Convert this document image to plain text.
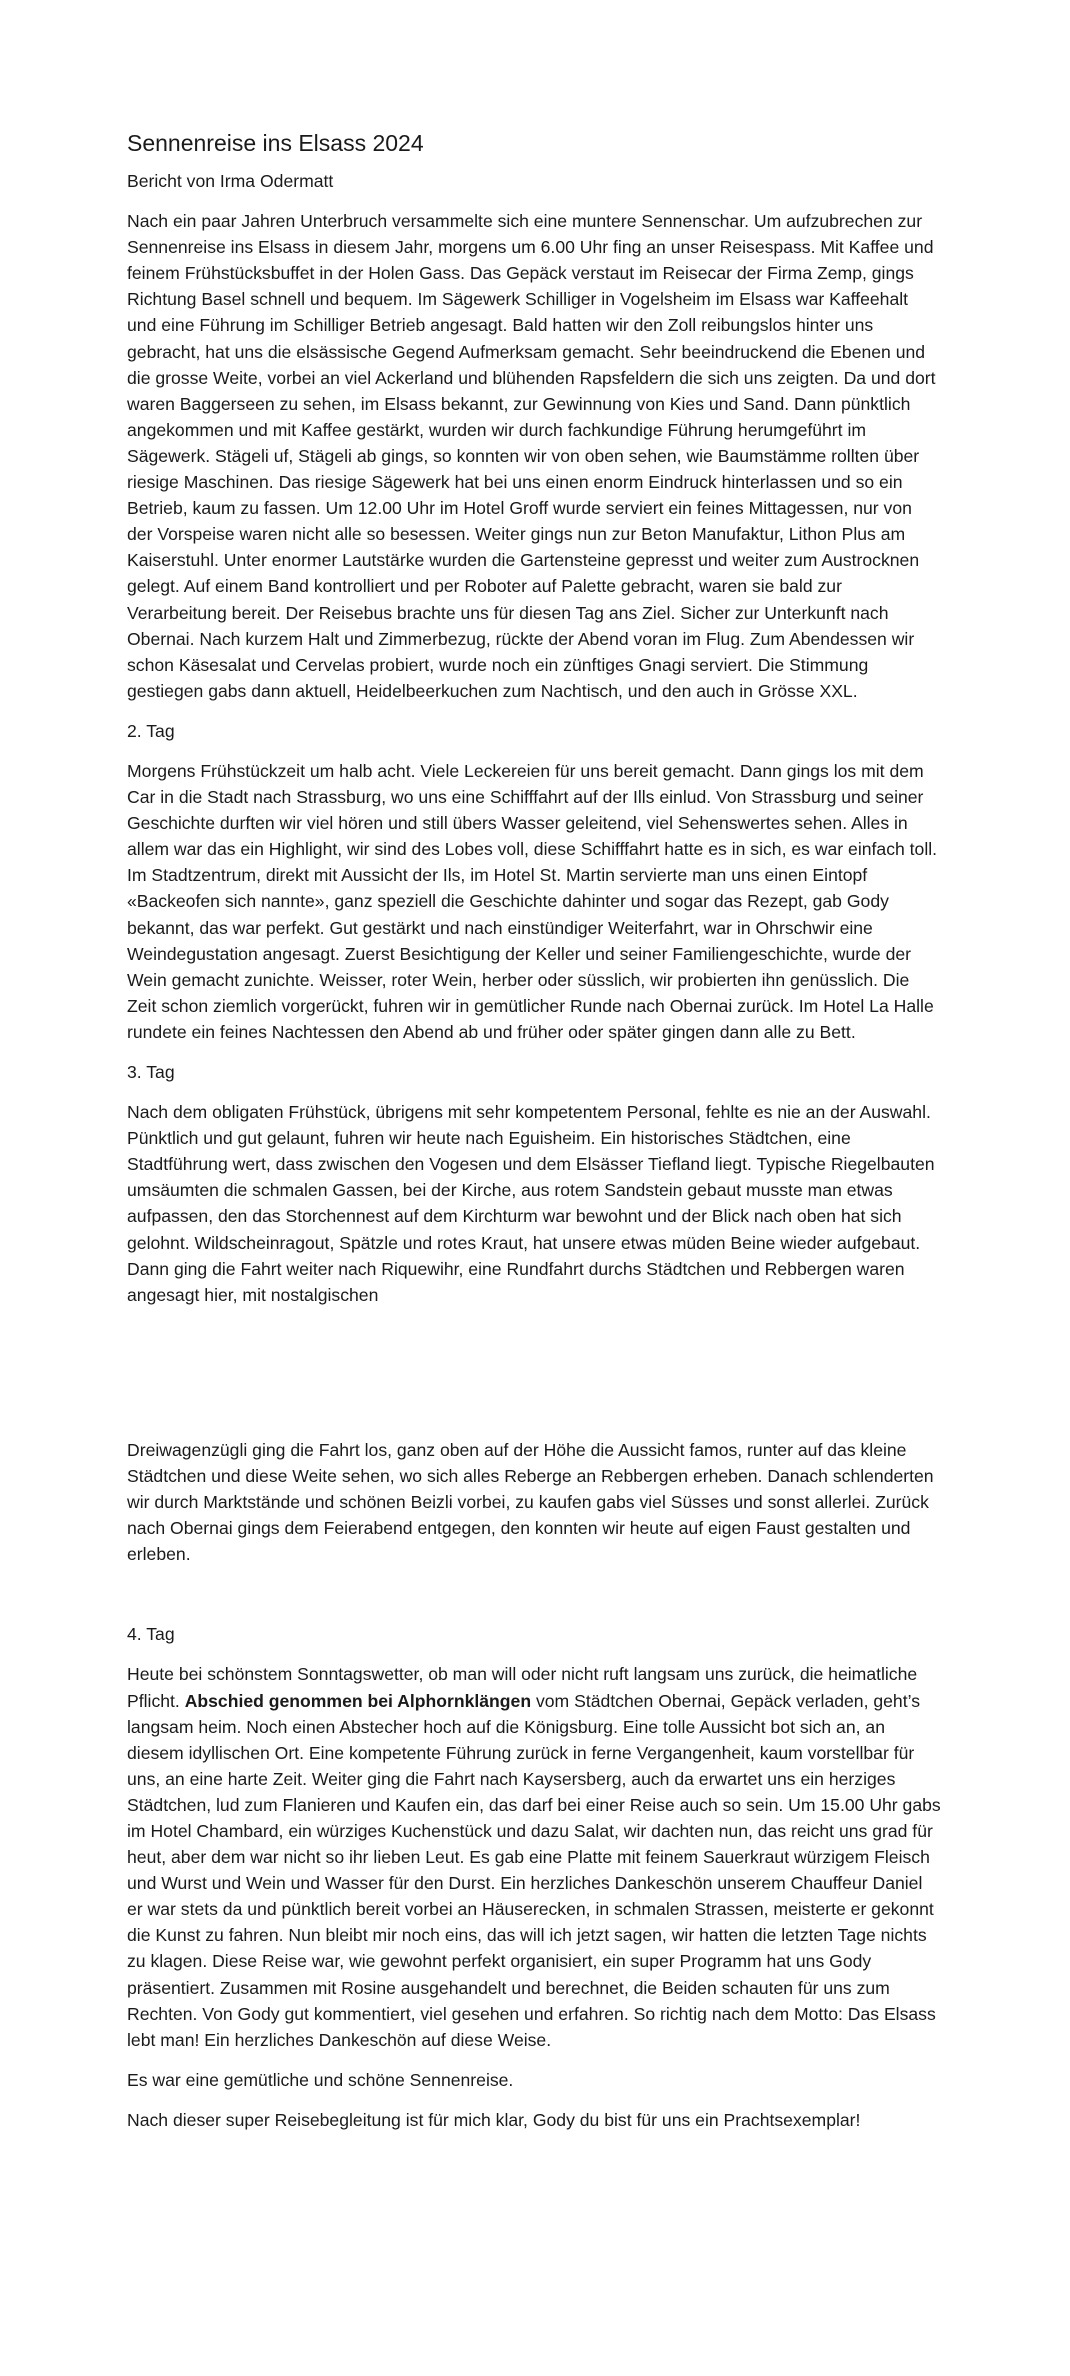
Sennenreise ins Elsass 2024

Bericht von Irma Odermatt

Nach ein paar Jahren Unterbruch versammelte sich eine muntere Sennenschar. Um aufzubrechen zur Sennenreise ins Elsass in diesem Jahr, morgens um 6.00 Uhr fing an unser Reisespass. Mit Kaffee und feinem Frühstücksbuffet in der Holen Gass. Das Gepäck verstaut im Reisecar der Firma Zemp, gings Richtung Basel schnell und bequem. Im Sägewerk Schilliger in Vogelsheim im Elsass war Kaffeehalt und eine Führung im Schilliger Betrieb angesagt. Bald hatten wir den Zoll reibungslos hinter uns gebracht, hat uns die elsässische Gegend Aufmerksam gemacht. Sehr beeindruckend die Ebenen und die grosse Weite, vorbei an viel Ackerland und blühenden Rapsfeldern die sich uns zeigten. Da und dort waren Baggerseen zu sehen, im Elsass bekannt, zur Gewinnung von Kies und Sand. Dann pünktlich angekommen und mit Kaffee gestärkt, wurden wir durch fachkundige Führung herumgeführt im Sägewerk. Stägeli uf, Stägeli ab gings, so konnten wir von oben sehen, wie Baumstämme rollten über riesige Maschinen. Das riesige Sägewerk hat bei uns einen enorm Eindruck hinterlassen und so ein Betrieb, kaum zu fassen. Um 12.00 Uhr im Hotel Groff wurde serviert ein feines Mittagessen, nur von der Vorspeise waren nicht alle so besessen. Weiter gings nun zur Beton Manufaktur, Lithon Plus am Kaiserstuhl. Unter enormer Lautstärke wurden die Gartensteine gepresst und weiter zum Austrocknen gelegt. Auf einem Band kontrolliert und per Roboter auf Palette gebracht, waren sie bald zur Verarbeitung bereit. Der Reisebus brachte uns für diesen Tag ans Ziel. Sicher zur Unterkunft nach Obernai. Nach kurzem Halt und Zimmerbezug, rückte der Abend voran im Flug. Zum Abendessen wir schon Käsesalat und Cervelas probiert, wurde noch ein zünftiges Gnagi serviert. Die Stimmung gestiegen gabs dann aktuell, Heidelbeerkuchen zum Nachtisch, und den auch in Grösse XXL.

2. Tag

Morgens Frühstückzeit um halb acht. Viele Leckereien für uns bereit gemacht. Dann gings los mit dem Car in die Stadt nach Strassburg, wo uns eine Schifffahrt auf der Ills einlud. Von Strassburg und seiner Geschichte durften wir viel hören und still übers Wasser geleitend, viel Sehenswertes sehen. Alles in allem war das ein Highlight, wir sind des Lobes voll, diese Schifffahrt hatte es in sich, es war einfach toll. Im Stadtzentrum, direkt mit Aussicht der Ils, im Hotel St. Martin servierte man uns einen Eintopf «Backeofen sich nannte», ganz speziell die Geschichte dahinter und sogar das Rezept, gab Gody bekannt, das war perfekt. Gut gestärkt und nach einstündiger Weiterfahrt, war in Ohrschwir eine Weindegustation angesagt. Zuerst Besichtigung der Keller und seiner Familiengeschichte, wurde der Wein gemacht zunichte. Weisser, roter Wein, herber oder süsslich, wir probierten ihn genüsslich. Die Zeit schon ziemlich vorgerückt, fuhren wir in gemütlicher Runde nach Obernai zurück. Im Hotel La Halle rundete ein feines Nachtessen den Abend ab und früher oder später gingen dann alle zu Bett.

3. Tag

Nach dem obligaten Frühstück, übrigens mit sehr kompetentem Personal, fehlte es nie an der Auswahl. Pünktlich und gut gelaunt, fuhren wir heute nach Eguisheim. Ein historisches Städtchen, eine Stadtführung wert, dass zwischen den Vogesen und dem Elsässer Tiefland liegt. Typische Riegelbauten umsäumten die schmalen Gassen, bei der Kirche, aus rotem Sandstein gebaut musste man etwas aufpassen, den das Storchennest auf dem Kirchturm war bewohnt und der Blick nach oben hat sich gelohnt. Wildscheinragout, Spätzle und rotes Kraut, hat unsere etwas müden Beine wieder aufgebaut. Dann ging die Fahrt weiter nach Riquewihr, eine Rundfahrt durchs Städtchen und Rebbergen waren angesagt hier, mit nostalgischen

Dreiwagenzügli ging die Fahrt los, ganz oben auf der Höhe die Aussicht famos, runter auf das kleine Städtchen und diese Weite sehen, wo sich alles Reberge an Rebbergen erheben. Danach schlenderten wir durch Marktstände und schönen Beizli vorbei, zu kaufen gabs viel Süsses und sonst allerlei. Zurück nach Obernai gings dem Feierabend entgegen, den konnten wir heute auf eigen Faust gestalten und erleben.

4. Tag

Heute bei schönstem Sonntagswetter, ob man will oder nicht ruft langsam uns zurück, die heimatliche Pflicht. Abschied genommen bei Alphornklängen vom Städtchen Obernai, Gepäck verladen, geht’s langsam heim. Noch einen Abstecher hoch auf die Königsburg. Eine tolle Aussicht bot sich an, an diesem idyllischen Ort. Eine kompetente Führung zurück in ferne Vergangenheit, kaum vorstellbar für uns, an eine harte Zeit. Weiter ging die Fahrt nach Kaysersberg, auch da erwartet uns ein herziges Städtchen, lud zum Flanieren und Kaufen ein, das darf bei einer Reise auch so sein. Um 15.00 Uhr gabs im Hotel Chambard, ein würziges Kuchenstück und dazu Salat, wir dachten nun, das reicht uns grad für heut, aber dem war nicht so ihr lieben Leut. Es gab eine Platte mit feinem Sauerkraut würzigem Fleisch und Wurst und Wein und Wasser für den Durst. Ein herzliches Dankeschön unserem Chauffeur Daniel er war stets da und pünktlich bereit vorbei an Häuserecken, in schmalen Strassen, meisterte er gekonnt die Kunst zu fahren. Nun bleibt mir noch eins, das will ich jetzt sagen, wir hatten die letzten Tage nichts zu klagen. Diese Reise war, wie gewohnt perfekt organisiert, ein super Programm hat uns Gody präsentiert. Zusammen mit Rosine ausgehandelt und berechnet, die Beiden schauten für uns zum Rechten. Von Gody gut kommentiert, viel gesehen und erfahren. So richtig nach dem Motto: Das Elsass lebt man! Ein herzliches Dankeschön auf diese Weise.

Es war eine gemütliche und schöne Sennenreise.

Nach dieser super Reisebegleitung ist für mich klar, Gody du bist für uns ein Prachtsexemplar!
